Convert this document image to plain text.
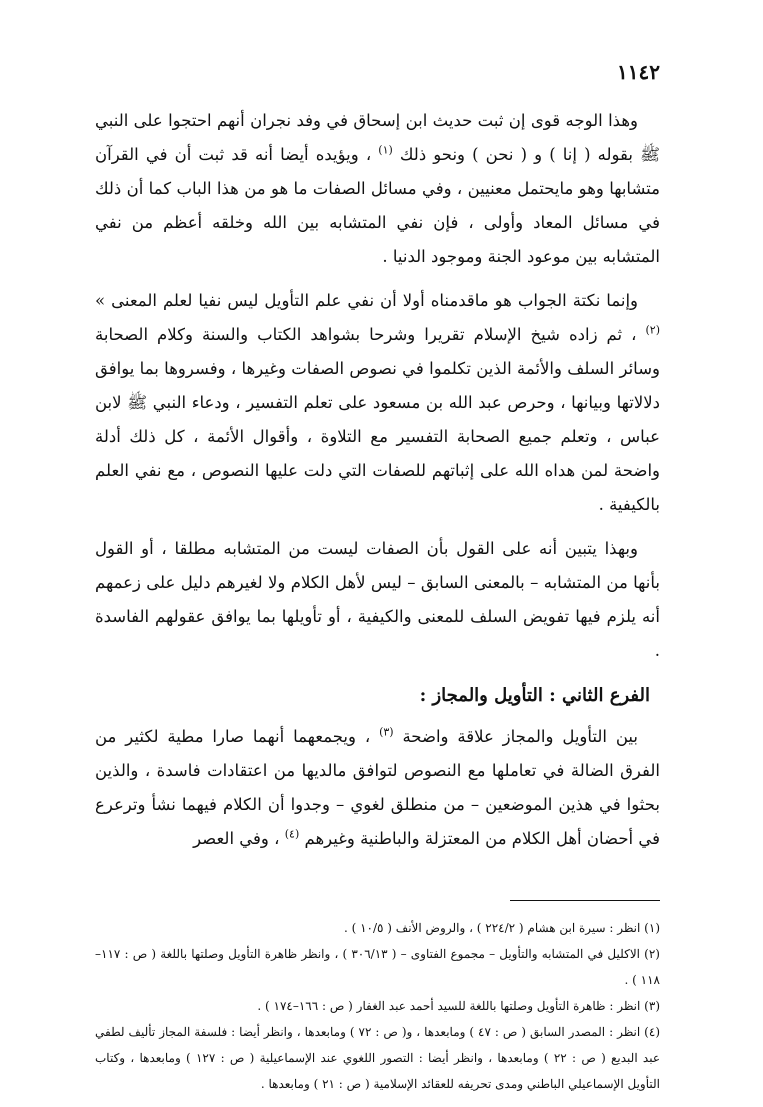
١١٤٢

وهذا الوجه قوى إن ثبت حديث ابن إسحاق في وفد نجران أنهم احتجوا على النبي ﷺ بقوله ( إنا ) و ( نحن ) ونحو ذلك $^{(١)}$ ، ويؤيده أيضا أنه قد ثبت أن في القرآن متشابها وهو مايحتمل معنيين ، وفي مسائل الصفات ما هو من هذا الباب كما أن ذلك في مسائل المعاد وأولى ، فإن نفي المتشابه بين الله وخلقه أعظم من نفي المتشابه بين موعود الجنة وموجود الدنيا .

وإنما نكتة الجواب هو ماقدمناه أولا أن نفي علم التأويل ليس نفيا لعلم المعنى » $^{(٢)}$ ، ثم زاده شيخ الإسلام تقريرا وشرحا بشواهد الكتاب والسنة وكلام الصحابة وسائر السلف والأئمة الذين تكلموا في نصوص الصفات وغيرها ، وفسروها بما يوافق دلالاتها وبيانها ، وحرص عبد الله بن مسعود على تعلم التفسير ، ودعاء النبي ﷺ لابن عباس ، وتعلم جميع الصحابة التفسير مع التلاوة ، وأقوال الأئمة ، كل ذلك أدلة واضحة لمن هداه الله على إثباتهم للصفات التي دلت عليها النصوص ، مع نفي العلم بالكيفية .

وبهذا يتبين أنه على القول بأن الصفات ليست من المتشابه مطلقا ، أو القول بأنها من المتشابه – بالمعنى السابق – ليس لأهل الكلام ولا لغيرهم دليل على زعمهم أنه يلزم فيها تفويض السلف للمعنى والكيفية ، أو تأويلها بما يوافق عقولهم الفاسدة .

الفرع الثاني : التأويل والمجاز :

بين التأويل والمجاز علاقة واضحة $^{(٣)}$ ، ويجمعهما أنهما صارا مطية لكثير من الفرق الضالة في تعاملها مع النصوص لتوافق مالديها من اعتقادات فاسدة ، والذين بحثوا في هذين الموضعين – من منطلق لغوي – وجدوا أن الكلام فيهما نشأ وترعرع في أحضان أهل الكلام من المعتزلة والباطنية وغيرهم $^{(٤)}$ ، وفي العصر

(١) انظر : سيرة ابن هشام ( ٢٢٤/٢ ) ، والروض الأنف ( ١٠/٥ ) .

(٢) الاكليل في المتشابه والتأويل – مجموع الفتاوى – ( ٣٠٦/١٣ ) ، وانظر ظاهرة التأويل وصلتها باللغة ( ص : ١١٧–١١٨ ) .

(٣) انظر : ظاهرة التأويل وصلتها باللغة للسيد أحمد عبد الغفار ( ص : ١٦٦–١٧٤ ) .

(٤) انظر : المصدر السابق ( ص : ٤٧ ) ومابعدها ، و( ص : ٧٢ ) ومابعدها ، وانظر أيضا : فلسفة المجاز تأليف لطفي عبد البديع ( ص : ٢٢ ) ومابعدها ، وانظر أيضا : التصور اللغوي عند الإسماعيلية ( ص : ١٢٧ ) ومابعدها ، وكتاب التأويل الإسماعيلي الباطني ومدى تحريفه للعقائد الإسلامية ( ص : ٢١ ) ومابعدها .
